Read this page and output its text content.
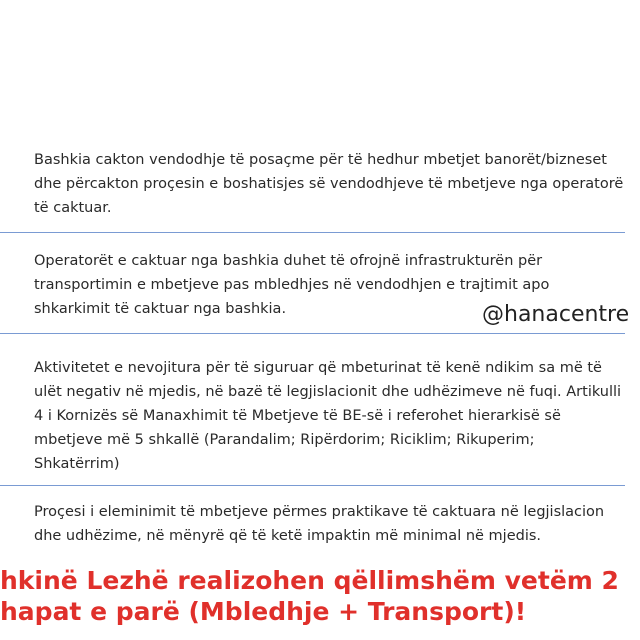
Bashkia cakton vendodhje të posaçme për të hedhur mbetjet banorët/bizneset
dhe përcakton proçesin e boshatisjes së vendodhjeve të mbetjeve nga operatorë
të caktuar.
Operatorët e caktuar nga bashkia duhet të ofrojnë infrastrukturën për
transportimin e mbetjeve pas mbledhjes në vendodhjen e trajtimit apo
shkarkimit të caktuar nga bashkia.	@hanacentre
Aktivitetet e nevojitura për të siguruar që mbeturinat të kenë ndikim sa më të
ulët negativ në mjedis, në bazë të legjislacionit dhe udhëzimeve në fuqi. Artikulli
4 i Kornizës së Manaxhimit të Mbetjeve të BE-së i referohet hierarkisë së
mbetjeve më 5 shkallë (Parandalim; Ripërdorim; Riciklim; Rikuperim;
Shkatërrim)
Proçesi i eleminimit të mbetjeve përmes praktikave të caktuara në legjislacion
dhe udhëzime, në mënyrë që të ketë impaktin më minimal në mjedis.
hkinë Lezhë realizohen qëllimshëm vetëm 2
hapat e parë (Mbledhje + Transport)!
